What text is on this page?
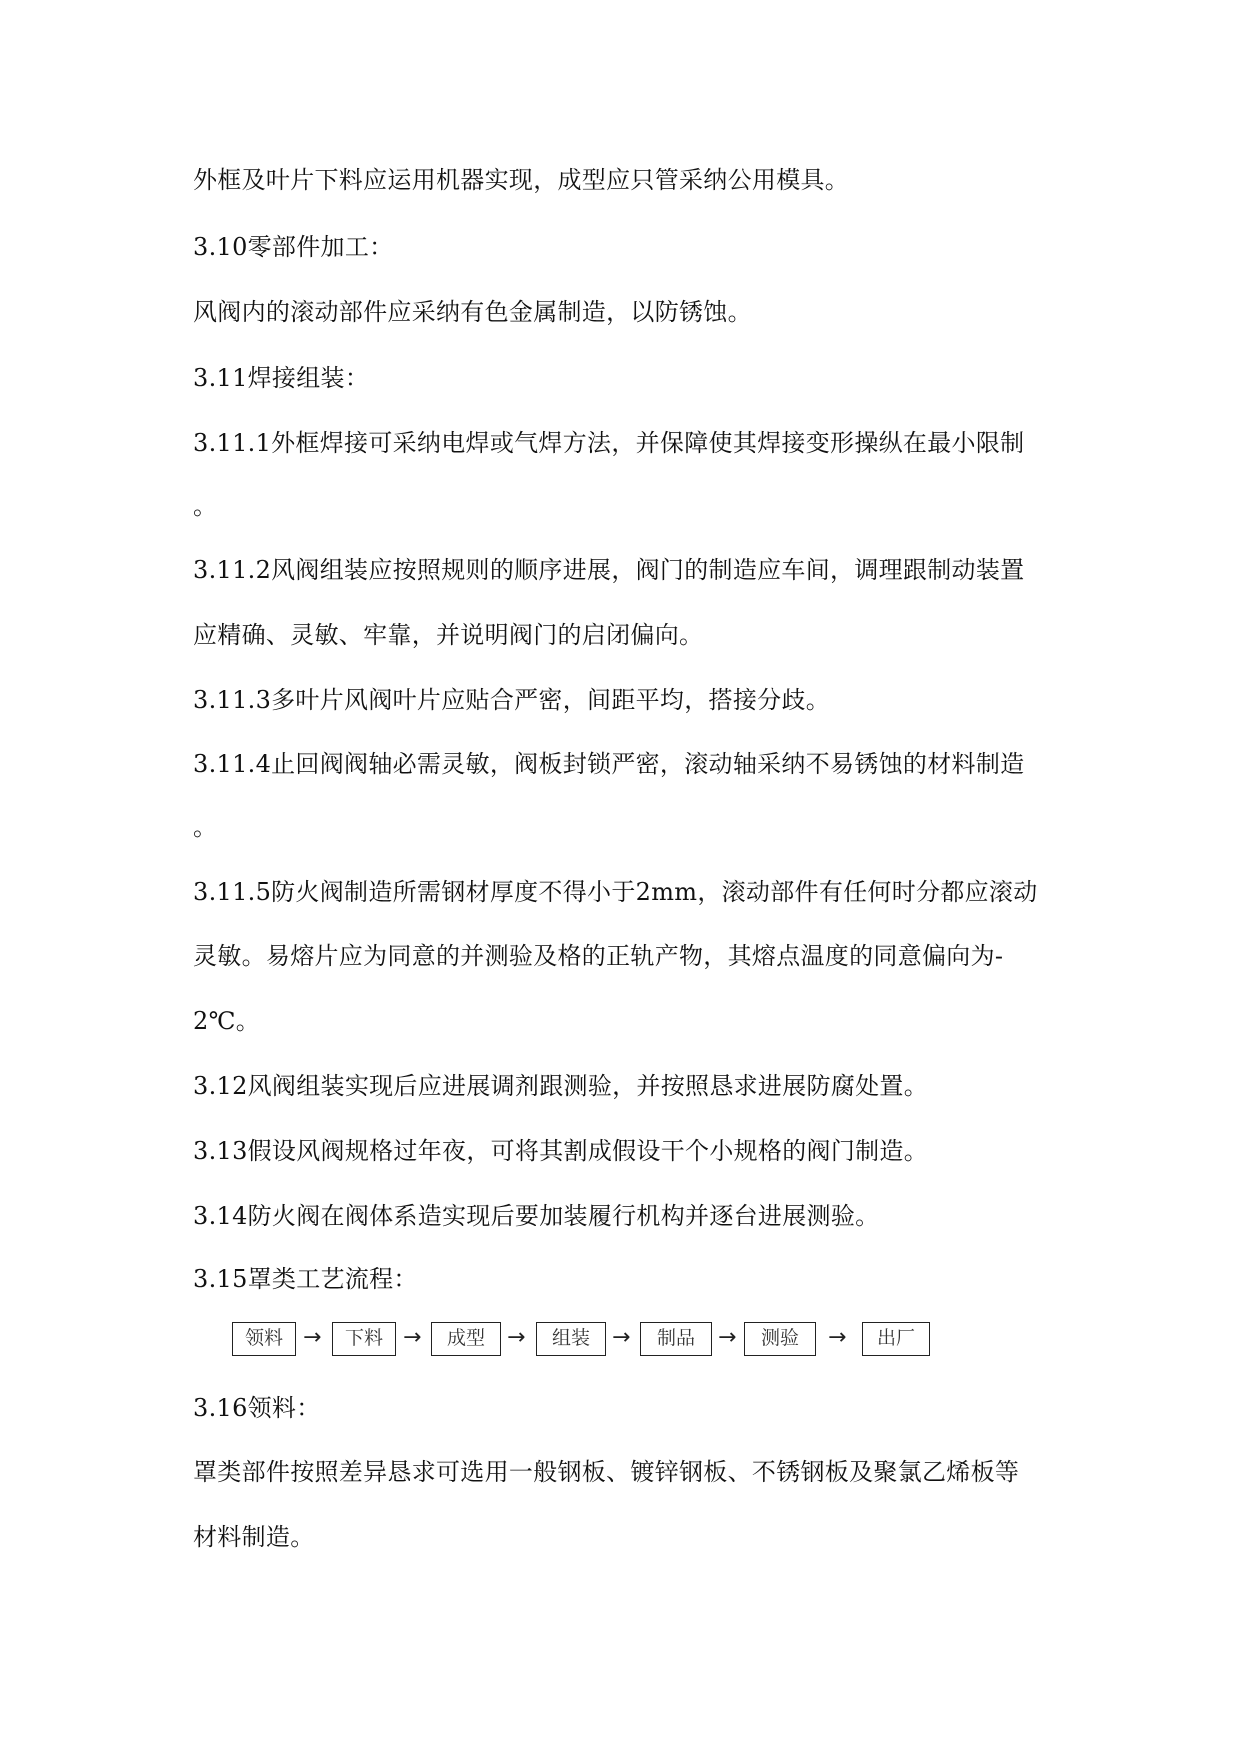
外框及叶片下料应运用机器实现，成型应只管采纳公用模具。
3.10零部件加工：
风阀内的滚动部件应采纳有色金属制造，以防锈蚀。
3.11焊接组装：
3.11.1外框焊接可采纳电焊或气焊方法，并保障使其焊接变形操纵在最小限制
。
3.11.2风阀组装应按照规则的顺序进展，阀门的制造应车间，调理跟制动装置
应精确、灵敏、牢靠，并说明阀门的启闭偏向。
3.11.3多叶片风阀叶片应贴合严密，间距平均，搭接分歧。
3.11.4止回阀阀轴必需灵敏，阀板封锁严密，滚动轴采纳不易锈蚀的材料制造
。
3.11.5防火阀制造所需钢材厚度不得小于2mm，滚动部件有任何时分都应滚动
灵敏。易熔片应为同意的并测验及格的正轨产物，其熔点温度的同意偏向为-
2℃。
3.12风阀组装实现后应进展调剂跟测验，并按照恳求进展防腐处置。
3.13假设风阀规格过年夜，可将其割成假设干个小规格的阀门制造。
3.14防火阀在阀体系造实现后要加装履行机构并逐台进展测验。
3.15罩类工艺流程：
领料 →	下料 →	成型	→	组装	→	制品	→	测验	→	出厂
3.16领料：
罩类部件按照差异恳求可选用一般钢板、镀锌钢板、不锈钢板及聚氯乙烯板等
材料制造。
